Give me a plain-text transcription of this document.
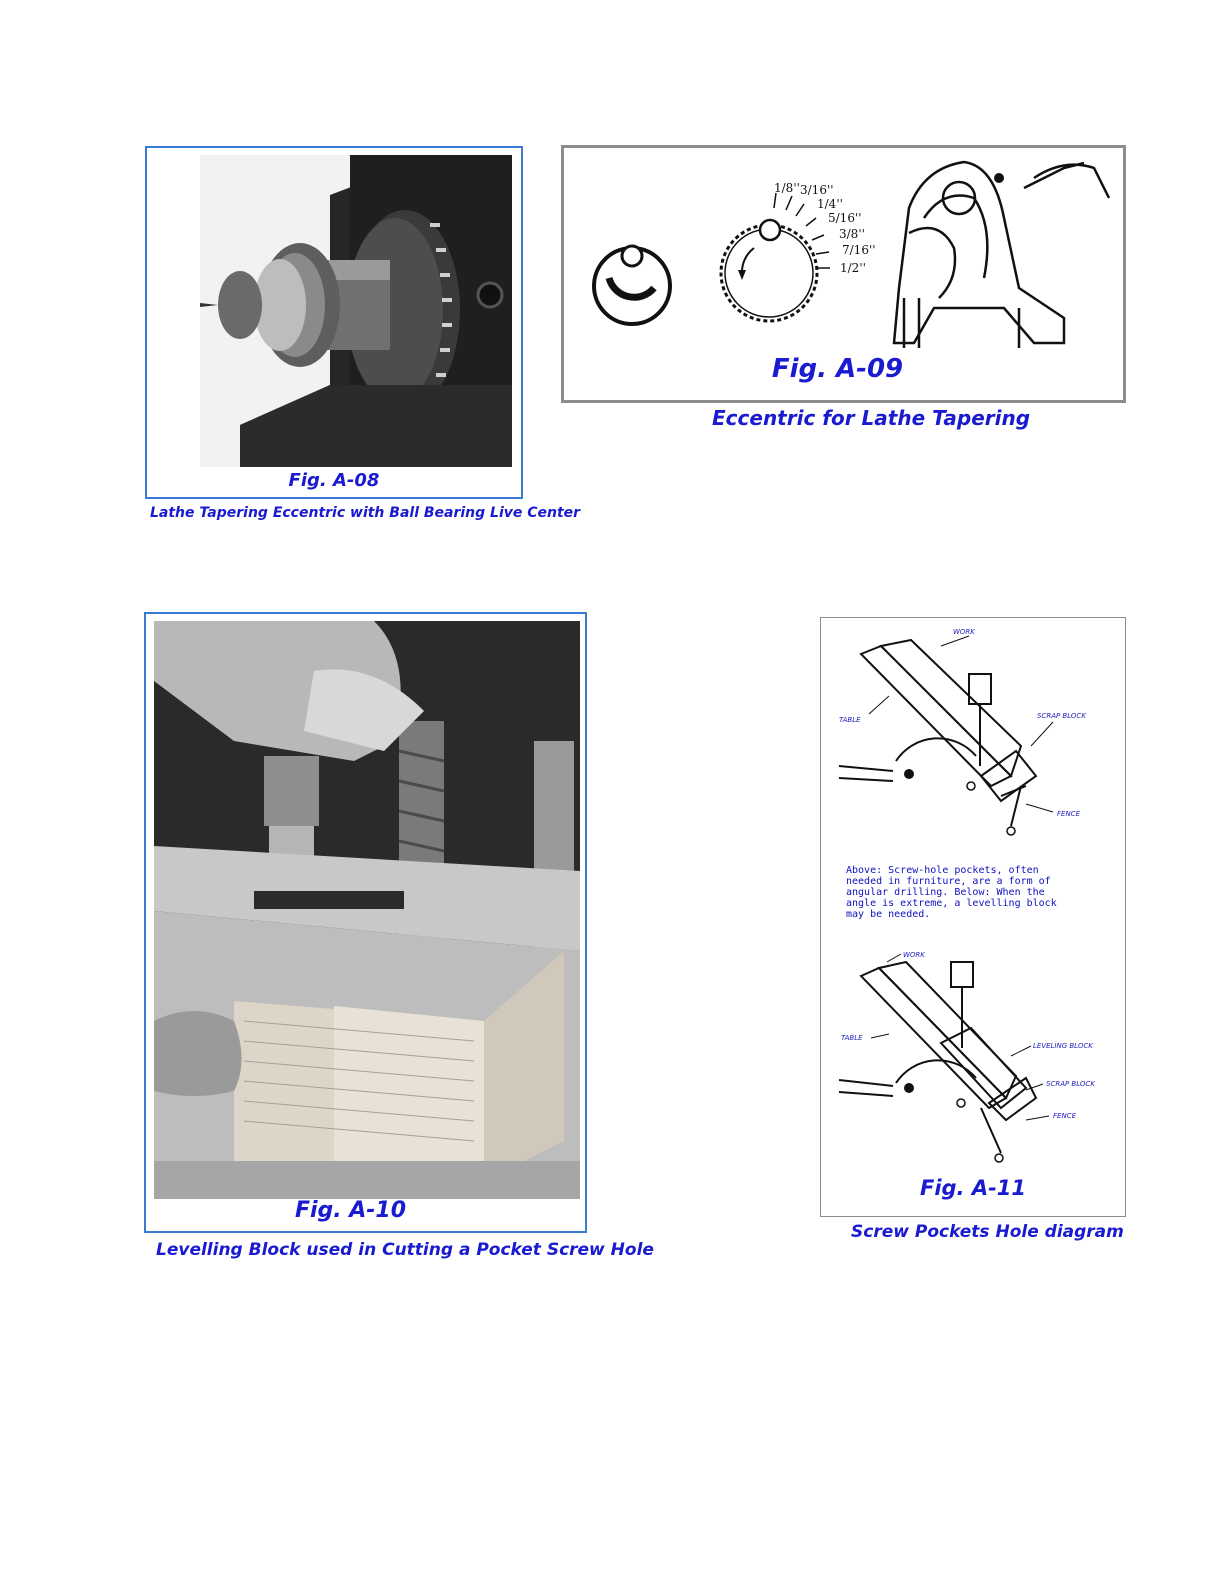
Fig. A-08
Lathe Tapering Eccentric with Ball Bearing Live Center
1/8'' 3/16''
1/4''
5/16''
3/8''
7/16''
1/2''
Fig. A-09
Eccentric for Lathe Tapering
Fig. A-10
Levelling Block used in Cutting a Pocket Screw Hole
WORK
TABLE	SCRAP BLOCK
FENCE
Above: Screw-hole pockets, often
needed in furniture, are a form of
angular drilling. Below: When the
angle is extreme, a levelling block
may be needed.
WORK
TABLE
LEVELING BLOCK
SCRAP BLOCK
FENCE
Fig. A-11
Screw Pockets Hole diagram
